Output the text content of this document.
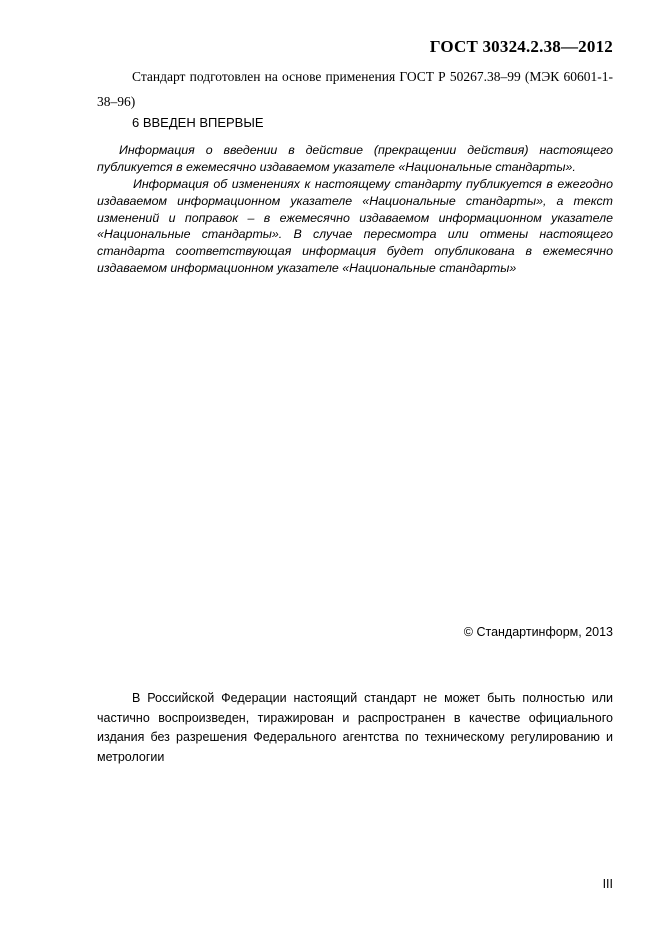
ГОСТ 30324.2.38—2012
Стандарт подготовлен на основе применения ГОСТ Р 50267.38–99 (МЭК 60601-1-38–96)
6 ВВЕДЕН ВПЕРВЫЕ

Информация о введении в действие (прекращении действия) настоящего публикуется в ежемесячно издаваемом указателе «Национальные стандарты».

Информация об изменениях к настоящему стандарту публикуется в ежегодно издаваемом информационном указателе «Национальные стандарты», а текст изменений и поправок – в ежемесячно издаваемом информационном указателе «Национальные стандарты». В случае пересмотра или отмены настоящего стандарта соответствующая информация будет опубликована в ежемесячно издаваемом информационном указателе «Национальные стандарты»

© Стандартинформ, 2013

В Российской Федерации настоящий стандарт не может быть полностью или частично воспроизведен, тиражирован и распространен в качестве официального издания без разрешения Федерального агентства по техническому регулированию и метрологии

III
